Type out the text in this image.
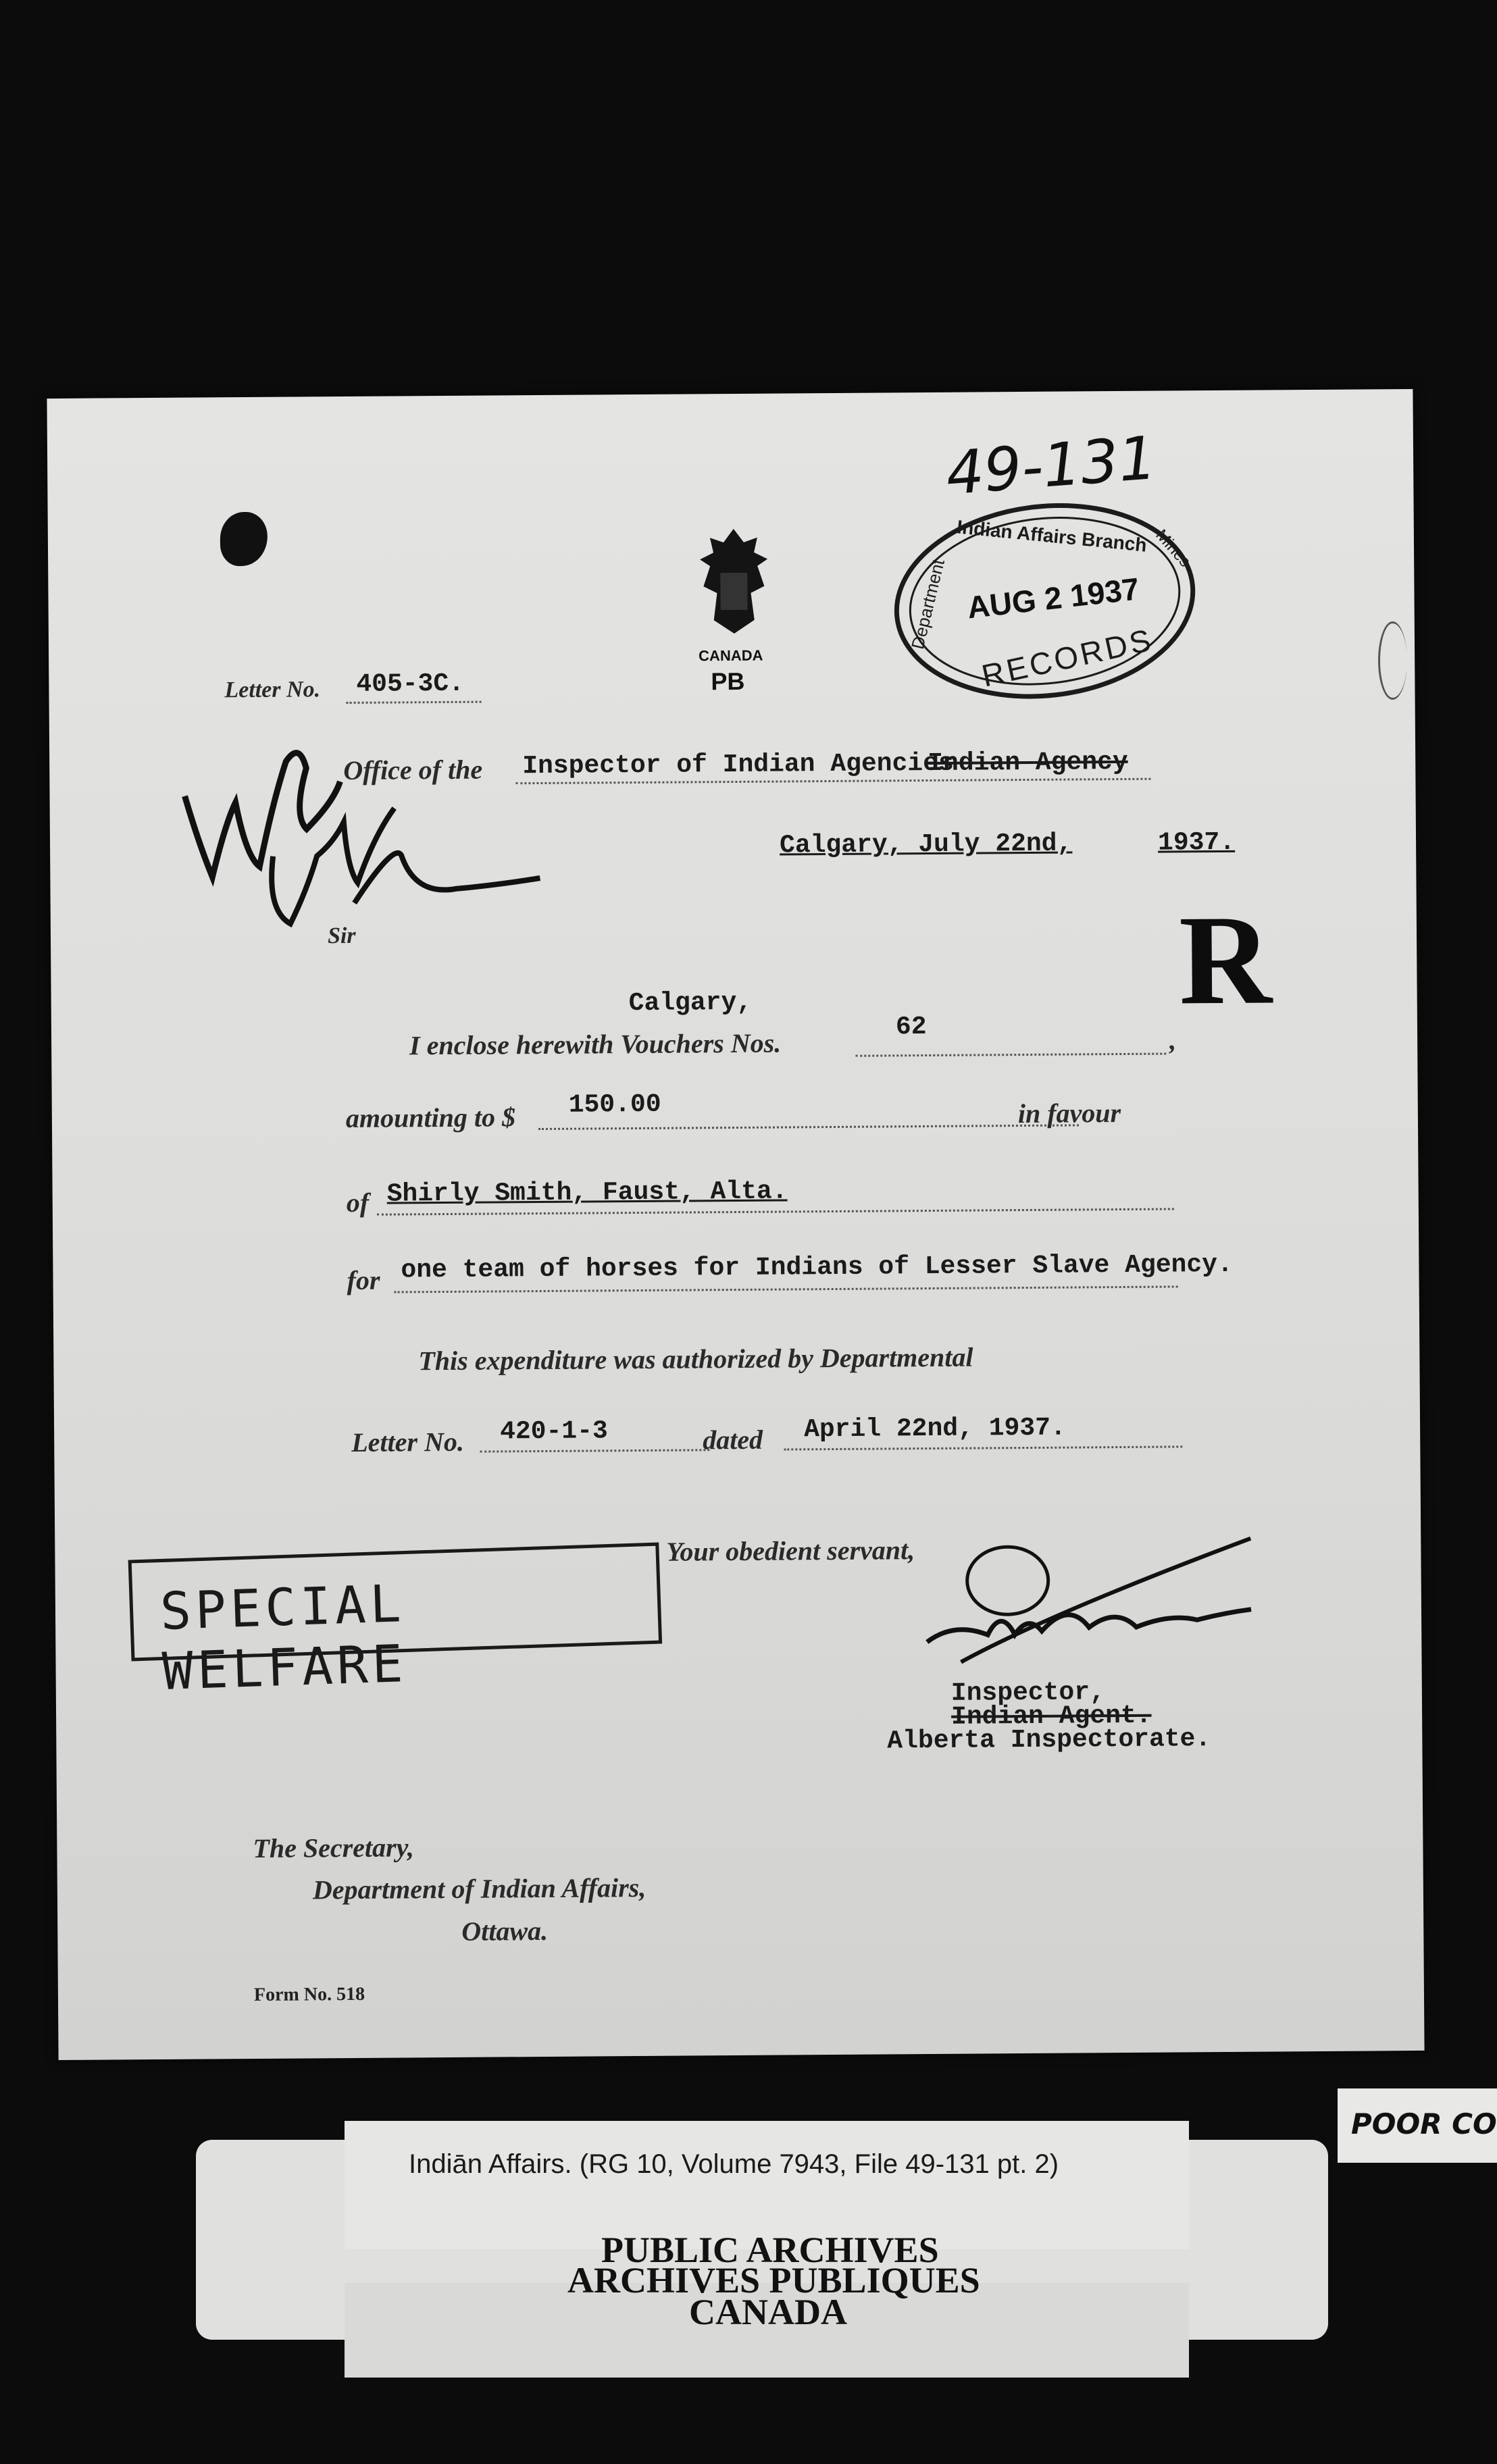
49-131
CANADA
PB
Indian Affairs Branch
Department
Mines
AUG 2 1937
RECORDS
Letter No. 405-3C.
Office of the Inspector of Indian Agencies
Indian Agency
Calgary, July 22nd,	1937.
Sir	R
Calgary,
I enclose herewith Vouchers Nos.
62	,
amounting to $ 150.00	in favour
of Shirly Smith, Faust, Alta.
for one team of horses for Indians of Lesser Slave Agency.
This expenditure was authorized by Departmental
Letter No. 420-1-3	dated April 22nd, 1937.
Your obedient servant,
SPECIAL WELFARE	Inspector,
Indian Agent.
Alberta Inspectorate.
The Secretary,
Department of Indian Affairs,
Ottawa.
Form No. 518
POOR CO
Indiān Affairs. (RG 10, Volume 7943, File 49-131 pt. 2)
PUBLIC ARCHIVES
ARCHIVES PUBLIQUES
CANADA
